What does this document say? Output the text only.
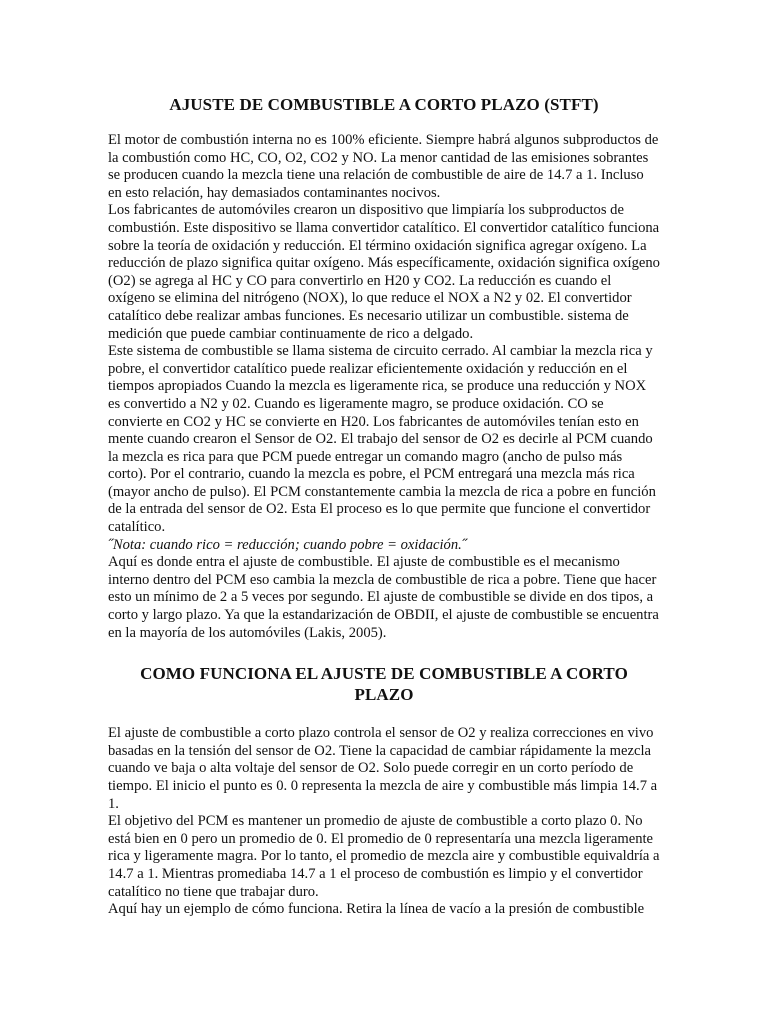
AJUSTE DE COMBUSTIBLE A CORTO PLAZO (STFT)

El motor de combustión interna no es 100% eficiente. Siempre habrá algunos subproductos de la combustión como HC, CO, O2, CO2 y NO. La menor cantidad de las emisiones sobrantes se producen cuando la mezcla tiene una relación de combustible de aire de 14.7 a 1. Incluso en esto relación, hay demasiados contaminantes nocivos.

Los fabricantes de automóviles crearon un dispositivo que limpiaría los subproductos de combustión. Este dispositivo se llama convertidor catalítico. El convertidor catalítico funciona sobre la teoría de oxidación y reducción. El término oxidación significa agregar oxígeno. La reducción de plazo significa quitar oxígeno. Más específicamente, oxidación significa oxígeno (O2) se agrega al HC y CO para convertirlo en H20 y CO2. La reducción es cuando el oxígeno se elimina del nitrógeno (NOX), lo que reduce el NOX a N2 y 02. El convertidor catalítico debe realizar ambas funciones. Es necesario utilizar un combustible. sistema de medición que puede cambiar continuamente de rico a delgado.

Este sistema de combustible se llama sistema de circuito cerrado. Al cambiar la mezcla rica y pobre, el convertidor catalítico puede realizar eficientemente oxidación y reducción en el tiempos apropiados Cuando la mezcla es ligeramente rica, se produce una reducción y NOX es convertido a N2 y 02. Cuando es ligeramente magro, se produce oxidación. CO se convierte en CO2 y HC se convierte en H20. Los fabricantes de automóviles tenían esto en mente cuando crearon el Sensor de O2. El trabajo del sensor de O2 es decirle al PCM cuando la mezcla es rica para que PCM puede entregar un comando magro (ancho de pulso más corto). Por el contrario, cuando la mezcla es pobre, el PCM entregará una mezcla más rica (mayor ancho de pulso). El PCM constantemente cambia la mezcla de rica a pobre en función de la entrada del sensor de O2. Esta El proceso es lo que permite que funcione el convertidor catalítico.

˝Nota: cuando rico = reducción; cuando pobre = oxidación.˝

Aquí es donde entra el ajuste de combustible. El ajuste de combustible es el mecanismo interno dentro del PCM eso cambia la mezcla de combustible de rica a pobre. Tiene que hacer esto un mínimo de 2 a 5 veces por segundo. El ajuste de combustible se divide en dos tipos, a corto y largo plazo. Ya que la estandarización de OBDII, el ajuste de combustible se encuentra en la mayoría de los automóviles (Lakis, 2005).

COMO FUNCIONA EL AJUSTE DE COMBUSTIBLE A CORTO PLAZO

El ajuste de combustible a corto plazo controla el sensor de O2 y realiza correcciones en vivo basadas en la tensión del sensor de O2. Tiene la capacidad de cambiar rápidamente la mezcla cuando ve baja o alta voltaje del sensor de O2. Solo puede corregir en un corto período de tiempo. El inicio el punto es 0. 0 representa la mezcla de aire y combustible más limpia 14.7 a 1.

El objetivo del PCM es mantener un promedio de ajuste de combustible a corto plazo 0. No está bien en 0 pero un promedio de 0. El promedio de 0 representaría una mezcla ligeramente rica y ligeramente magra. Por lo tanto, el promedio de mezcla aire y combustible equivaldría a 14.7 a 1. Mientras promediaba 14.7 a 1 el proceso de combustión es limpio y el convertidor catalítico no tiene que trabajar duro.

Aquí hay un ejemplo de cómo funciona. Retira la línea de vacío a la presión de combustible
